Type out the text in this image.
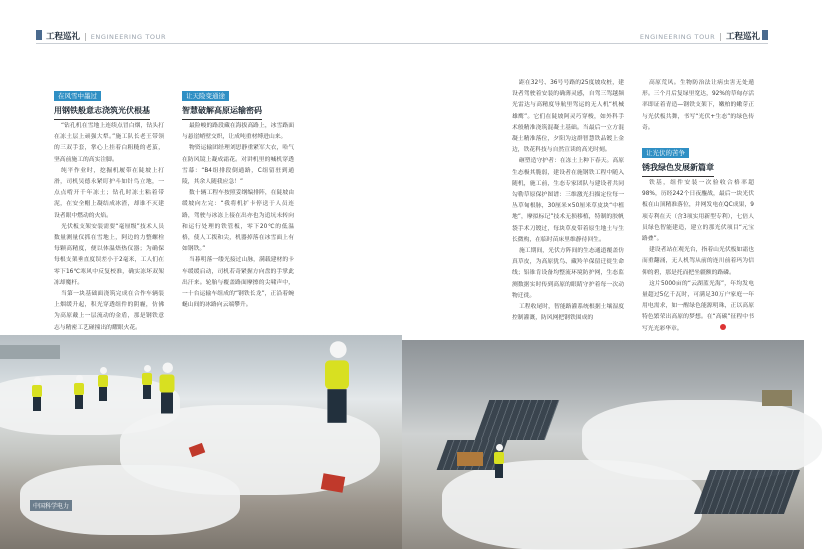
工程巡礼 | ENGINEERING TOUR
在风雪中墨过
用钢铁般意志浇筑光伏根基

“钻孔机在雪地上连续点冒白烟，钻头打在冻土层上顽强大犁。”施工队长老王带领的三双手套，掌心上挂着白粗糙的老茧，坚高前施工的高实注脚。

纯平作业时，挖掘机履带在陡坡上打滑，司机吴德永紧盯护斗如针鸟立地，一点点啃开千年冻土；钻孔时冻土粘着带泥，在安全帽上凝结成冰渣，却谁不灭建设者眼中燃动的火焰。

光伏板支架安装需要“毫厘级”技术人员数量测量仪抓在雪地上，阿边的力整螺栓每颗高精度，便以体温焐热仪器；为确保每根支架垂直度误差小于2毫米，工人们在零下16℃寒风中反复校准，确实冻坏双架冻却魔杆。

当第一块基础面浇筑完成在合作车辆装上烟缓升起，积光穿透组件的阴霾，仿佛为高原戴上一层流动的金盾，那是钢铁意志与精密工艺碰撞出的耀眼火花。

让天险变通途
智慧破解高原运输密码

最险峻的路段藏在海拔高路上，冰雪路面与悬崖峭壁交织，让成吨重材缚进山来。

物资运输团经理刘思静重紧军大衣，哈气在防风镜上凝成霜花。对讲机里的喊机穿透雪幕：“B4组排段倒通路，C组留驻到通陵，其余人随我应急！”

数十辆工程车按照妥纲编排阵，在陡坡由缓坡向左完：“我将机扩卡停送于人员连路，驾驶与冰冻上接在出亦也为追坑未转向和运行处理的铁管板，零下20℃的低温格，使人工拨和尖，机器掉落在冰雪面上有如钢铁。”

当暮明落一缕光接过山脉，满载建材的卡车缓缓启动，司机若奇紧握方向盘的手掌此出汗来。轮胎与覆盖路面摩擦的尖啸声中，一十台运输车组成的“钢铁长龙”，正沿着蜿蜒山间的冰路向云端攀升。

中国科学电力
ENGINEERING TOUR | 工程巡礼

距在32号、36号号路的25度坡攻桩，建设者驾驶着安装的确薄灵感，自驾三驾越频光雷达与高精度导航里驾运的无人机“机械雄鹰”。它们在陡坡阿灵巧穿梭，如外科手术般精准浇筑混凝土基础。当最后一立方混凝土精准落位，夕阳为这群智慧铁品镀上金边，铁花科技与自然宣读的高光时刻。

砸塑造守护者：在冻土上种下春天。高原生态极其脆弱，建设者在施钢铁工程中随入随机，施工前，生态专家团队与建设者共同勾勒草原保护图谱：三维激光扫描定位每一丛草甸根脉，30厘米×50厘米草皮块“中植地”，摩拟标记”技术无损移植，特制的胶帆袋手术刀镀过，每块草皮带着原生地土与生长微构，在临时苗床里维静待回生。

施工期间，光伏方阵间的生态通道覆盖仿真草皮，为高原犹鸟、藏羚羊保留迁徙生命线；铝锥肯设备均整流环境防护网，生态监测数据实时传到高原的眼睛守护着每一次动物迁徙。

工程收尾时，智能路灌系统根据土壤湿度控制灌溉，防风网把钢铁围成的

高原荒风。生物防治法让病虫害无处遁形。三个月后复绿里宽达，92%的草甸存活率即证着青造—钢铁支架下，嫩柏的嫩芽正与光伏板共舞，书写“光伏+生态”的绿色传奇。

让光伏的苦争
锈我绿色发展新篇章

铁基，组件安装一次验收合格率超98%，历经242个日夜鏖战，最后一块光伏板在山顶精准落位，并网发电在QC成果，9项专利在天（含3项实用新型专利），七倍人员绿色智能建造，建立的那光伏项目“元宝路叠”。

建设者站在观光台，指着山光伏板如霜也而重翻涌，无人机驾从前的连川前着玛为信仰的碧，那是托而把坐疆额的路磷。

这片5000亩的“云湖蓝光海”，年均发电量超过5亿千瓦时，可满足30万户家庭一年用电需求，如一醒绿色能源明珠，正以高原特色繁荣出高原的梦想。在“高碳”征程中书写光光彩华章。
